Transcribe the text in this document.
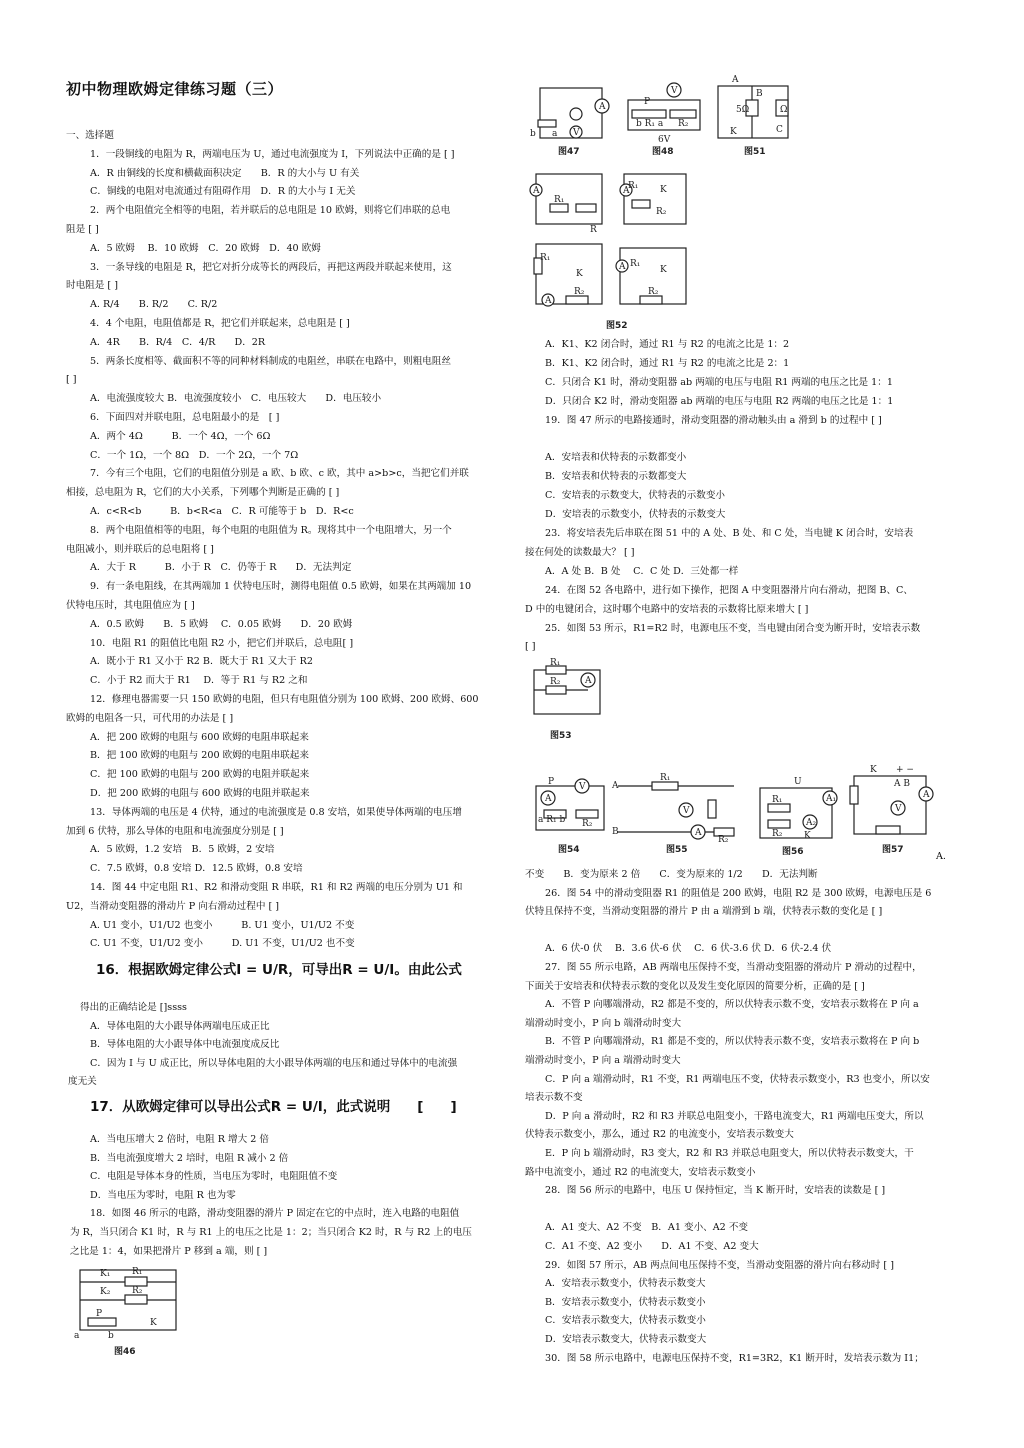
初中物理欧姆定律练习题（三）
一、选择题
1．一段铜线的电阻为 R，两端电压为 U，通过电流强度为 I，下列说法中正确的是 [ ]
A．R 由铜线的长度和横截面积决定　　B．R 的大小与 U 有关
C．铜线的电阻对电流通过有阻碍作用　D．R 的大小与 I 无关
2．两个电阻值完全相等的电阻，若并联后的总电阻是 10 欧姆，则将它们串联的总电
阻是 [ ]
A．5 欧姆　 B．10 欧姆　C．20 欧姆　D．40 欧姆
3．一条导线的电阻是 R，把它对折分成等长的两段后，再把这两段并联起来使用，这
时电阻是 [ ]
A. R/4　　B. R/2　　C. R/2
4．4 个电阻，电阻值都是 R，把它们并联起来，总电阻是 [ ]
A．4R　　B．R/4　C．4/R　　D．2R
5．两条长度相等、截面积不等的同种材料制成的电阻丝，串联在电路中，则粗电阻丝
[ ]
A．电流强度较大 B．电流强度较小　C．电压较大　　D．电压较小
6．下面四对并联电阻，总电阻最小的是　[ ]
A．两个 4Ω　　　B．一个 4Ω，一个 6Ω
C．一个 1Ω，一个 8Ω　D．一个 2Ω，一个 7Ω
7．今有三个电阻，它们的电阻值分别是 a 欧、b 欧、c 欧，其中 a>b>c，当把它们并联
相接，总电阻为 R，它们的大小关系，下列哪个判断是正确的 [ ]
A．c<R<b　　　B．b<R<a　C．R 可能等于 b　D．R<c
8．两个电阻值相等的电阻，每个电阻的电阻值为 R。现将其中一个电阻增大，另一个
电阻减小，则并联后的总电阻将 [ ]
A．大于 R　　　B．小于 R　C．仍等于 R　　D．无法判定
9．有一条电阻线，在其两端加 1 伏特电压时，测得电阻值 0.5 欧姆，如果在其两端加 10
伏特电压时，其电阻值应为 [ ]
A．0.5 欧姆　　B．5 欧姆　 C．0.05 欧姆　　D．20 欧姆
10．电阻 R1 的阻值比电阻 R2 小，把它们并联后，总电阻[ ]
A．既小于 R1 又小于 R2 B．既大于 R1 又大于 R2
C．小于 R2 而大于 R1　 D．等于 R1 与 R2 之和
12．修理电器需要一只 150 欧姆的电阻，但只有电阻值分别为 100 欧姆、200 欧姆、600
欧姆的电阻各一只，可代用的办法是 [ ]
A．把 200 欧姆的电阻与 600 欧姆的电阻串联起来
B．把 100 欧姆的电阻与 200 欧姆的电阻串联起来
C．把 100 欧姆的电阻与 200 欧姆的电阻并联起来
D．把 200 欧姆的电阻与 600 欧姆的电阻并联起来
13．导体两端的电压是 4 伏特，通过的电流强度是 0.8 安培，如果使导体两端的电压增
加到 6 伏特，那么导体的电阻和电流强度分别是 [ ]
A．5 欧姆，1.2 安培　B．5 欧姆，2 安培
C．7.5 欧姆，0.8 安培 D．12.5 欧姆，0.8 安培
14．图 44 中定电阻 R1、R2 和滑动变阻 R 串联，R1 和 R2 两端的电压分别为 U1 和
U2，当滑动变阻器的滑动片 P 向右滑动过程中 [ ]
A. U1 变小，U1/U2 也变小　　　B. U1 变小，U1/U2 不变
C. U1 不变，U1/U2 变小　　　D. U1 不变，U1/U2 也不变
得出的正确结论是 []ssss
A．导体电阻的大小跟导体两端电压成正比
B．导体电阻的大小跟导体中电流强度成反比
C．因为 I 与 U 成正比，所以导体电阻的大小跟导体两端的电压和通过导体中的电流强
度无关
A．当电压增大 2 倍时，电阻 R 增大 2 倍
B．当电流强度增大 2 培时，电阻 R 减小 2 倍
C．电阻是导体本身的性质，当电压为零时，电阻阻值不变
D．当电压为零时，电阻 R 也为零
18．如图 46 所示的电路，滑动变阻器的滑片 P 固定在它的中点时，连入电路的电阻值
为 R，当只闭合 K1 时，R 与 R1 上的电压之比是 1：2；当只闭合 K2 时，R 与 R2 上的电压
之比是 1：4，如果把滑片 P 移到 a 端，则 [ ]
A．K1、K2 闭合时，通过 R1 与 R2 的电流之比是 1：2
B．K1、K2 闭合时，通过 R1 与 R2 的电流之比是 2：1
C．只闭合 K1 时，滑动变阻器 ab 两端的电压与电阻 R1 两端的电压之比是 1：1
D．只闭合 K2 时，滑动变阻器 ab 两端的电压与电阻 R2 两端的电压之比是 1：1
19．图 47 所示的电路接通时，滑动变阻器的滑动触头由 a 滑到 b 的过程中 [ ]
A．安培表和伏特表的示数都变小
B．安培表和伏特表的示数都变大
C．安培表的示数变大，伏特表的示数变小
D．安培表的示数变小，伏特表的示数变大
23．将安培表先后串联在图 51 中的 A 处、B 处、和 C 处，当电键 K 闭合时，安培表
接在何处的读数最大？ [ ]
A．A 处 B．B 处　 C．C 处 D．三处都一样
24．在图 52 各电路中，进行如下操作，把图 A 中变阻器滑片向右滑动，把图 B、C、
D 中的电键闭合，这时哪个电路中的安培表的示数将比原来增大 [ ]
25．如图 53 所示，R1=R2 时，电源电压不变，当电键由闭合变为断开时，安培表示数
[ ]
不变　　B．变为原来 2 倍　　C．变为原来的 1/2　　D．无法判断
26．图 54 中的滑动变阻器 R1 的阻值是 200 欧姆，电阻 R2 是 300 欧姆，电源电压是 6
伏特且保持不变，当滑动变阻器的滑片 P 由 a 端滑到 b 端，伏特表示数的变化是 [ ]
A．6 伏-0 伏　 B．3.6 伏-6 伏　 C．6 伏-3.6 伏 D．6 伏-2.4 伏
27．图 55 所示电路，AB 两端电压保持不变，当滑动变阻器的滑动片 P 滑动的过程中，
下面关于安培表和伏特表示数的变化以及发生变化原因的简要分析，正确的是 [ ]
A．不管 P 向哪端滑动，R2 都是不变的，所以伏特表示数不变，安培表示数将在 P 向 a
端滑动时变小，P 向 b 端滑动时变大
B．不管 P 向哪端滑动，R1 都是不变的，所以伏特表示数不变，安培表示数将在 P 向 b
端滑动时变小，P 向 a 端滑动时变大
C．P 向 a 端滑动时，R1 不变，R1 两端电压不变，伏特表示数变小，R3 也变小，所以安
培表示数不变
D．P 向 a 滑动时，R2 和 R3 并联总电阻变小，干路电流变大，R1 两端电压变大，所以
伏特表示数变小，那么，通过 R2 的电流变小，安培表示数变大
E．P 向 b 端滑动时，R3 变大，R2 和 R3 并联总电阻变大，所以伏特表示数变大，干
路中电流变小，通过 R2 的电流变大，安培表示数变小
28．图 56 所示的电路中，电压 U 保持恒定，当 K 断开时，安培表的读数是 [ ]
A．A1 变大、A2 不变　B．A1 变小、A2 不变
C．A1 不变、A2 变小　　D．A1 不变、A2 变大
29．如图 57 所示，AB 两点间电压保持不变，当滑动变阻器的滑片向右移动时 [ ]
A．安培表示数变小，伏特表示数变大
B．安培表示数变小，伏特表示数变小
C．安培表示数变大，伏特表示数变小
D．安培表示数变大，伏特表示数变大
30．图 58 所示电路中，电源电压保持不变，R1=3R2，K1 断开时，发培表示数为 I1；
16．根据欧姆定律公式I = U/R，可导出R = U/I。由此公式
17．从欧姆定律可以导出公式R = U/I，此式说明　　[　　]
A.
K₁ R₁
K₂ R₂
P
K
a	b
图46
A
V
b a
图47
V
P
b R₁ a R₂
6V
图48
A
B
5Ω	Ω
K	C
图51
A
R₁
R
A
R₁ K
R₂
A
R₁
K
R₂
A R₁
K
R₂
图52
A
R₁
R₂
图53
V
A
P
a R₁ b R₂
图54
V
A
A
B
R₁
R₂
图55
A₁
A₂
U
R₁
R₂ K
图56
A
V
K + −
A B
图57
